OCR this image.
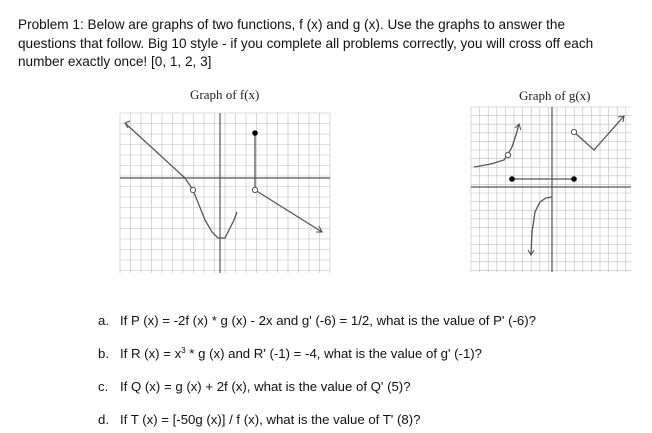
Problem 1: Below are graphs of two functions, f (x) and g (x). Use the graphs to answer the
questions that follow. Big 10 style - if you complete all problems correctly, you will cross off each
number exactly once! [0, 1, 2, 3]
Graph of f(x)	Graph of g(x)
a. If P (x) = -2f (x) * g (x) - 2x and g' (-6) = 1/2, what is the value of P' (-6)?
b. If R $(x) = x^3 * g$ (x) and R' (-1) = -4, what is the value of g' (-1)?
c. If Q (x) = g (x) + 2f (x), what is the value of Q' (5)?
d. If T (x) = [-50g (x)] / f (x), what is the value of T' (8)?
